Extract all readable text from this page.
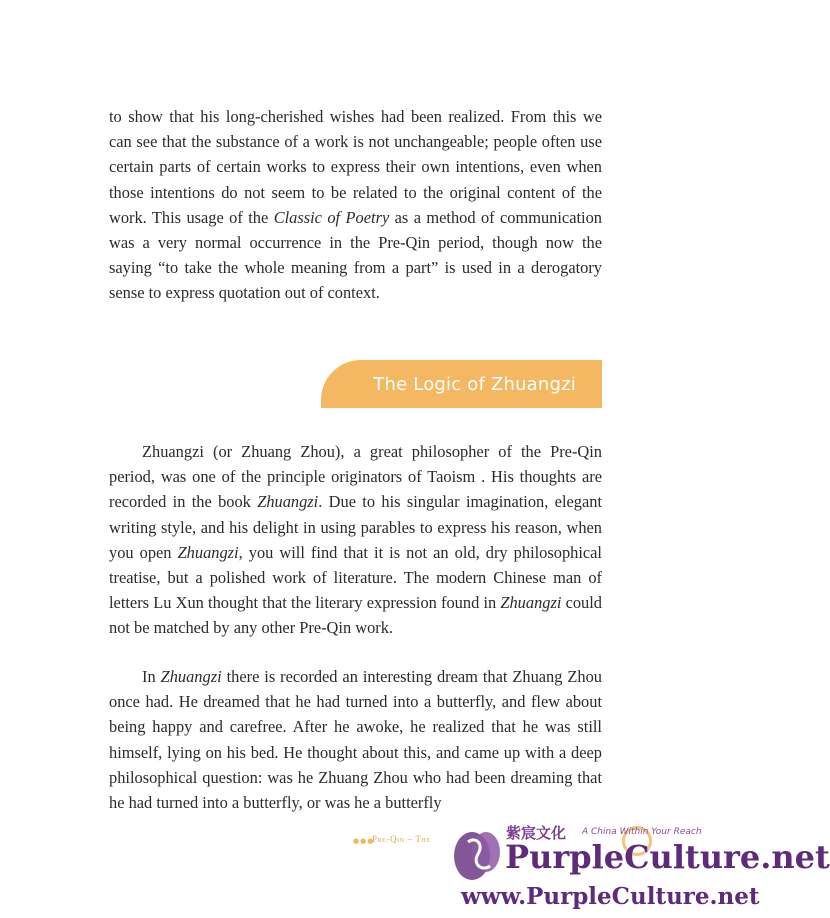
to show that his long-cherished wishes had been realized. From this we can see that the substance of a work is not unchangeable; people often use certain parts of certain works to express their own intentions, even when those intentions do not seem to be related to the original content of the work. This usage of the Classic of Poetry as a method of communication was a very normal occurrence in the Pre-Qin period, though now the saying “to take the whole meaning from a part” is used in a derogatory sense to express quotation out of context.

The Logic of Zhuangzi

Zhuangzi (or Zhuang Zhou), a great philosopher of the Pre-Qin period, was one of the principle originators of Taoism . His thoughts are recorded in the book Zhuangzi. Due to his singular imagination, elegant writing style, and his delight in using parables to express his reason, when you open Zhuangzi, you will find that it is not an old, dry philosophical treatise, but a polished work of literature. The modern Chinese man of letters Lu Xun thought that the literary expression found in Zhuangzi could not be matched by any other Pre-Qin work.

In Zhuangzi there is recorded an interesting dream that Zhuang Zhou once had. He dreamed that he had turned into a butterfly, and flew about being happy and carefree. After he awoke, he realized that he was still himself, lying on his bed. He thought about this, and came up with a deep philosophical question: was he Zhuang Zhou who had been dreaming that he had turned into a butterfly, or was he a butterfly

●●●
Pre-Qin – The	紫宸文化 A China Within Your Reach
PurpleCulture.net
www.PurpleCulture.net
